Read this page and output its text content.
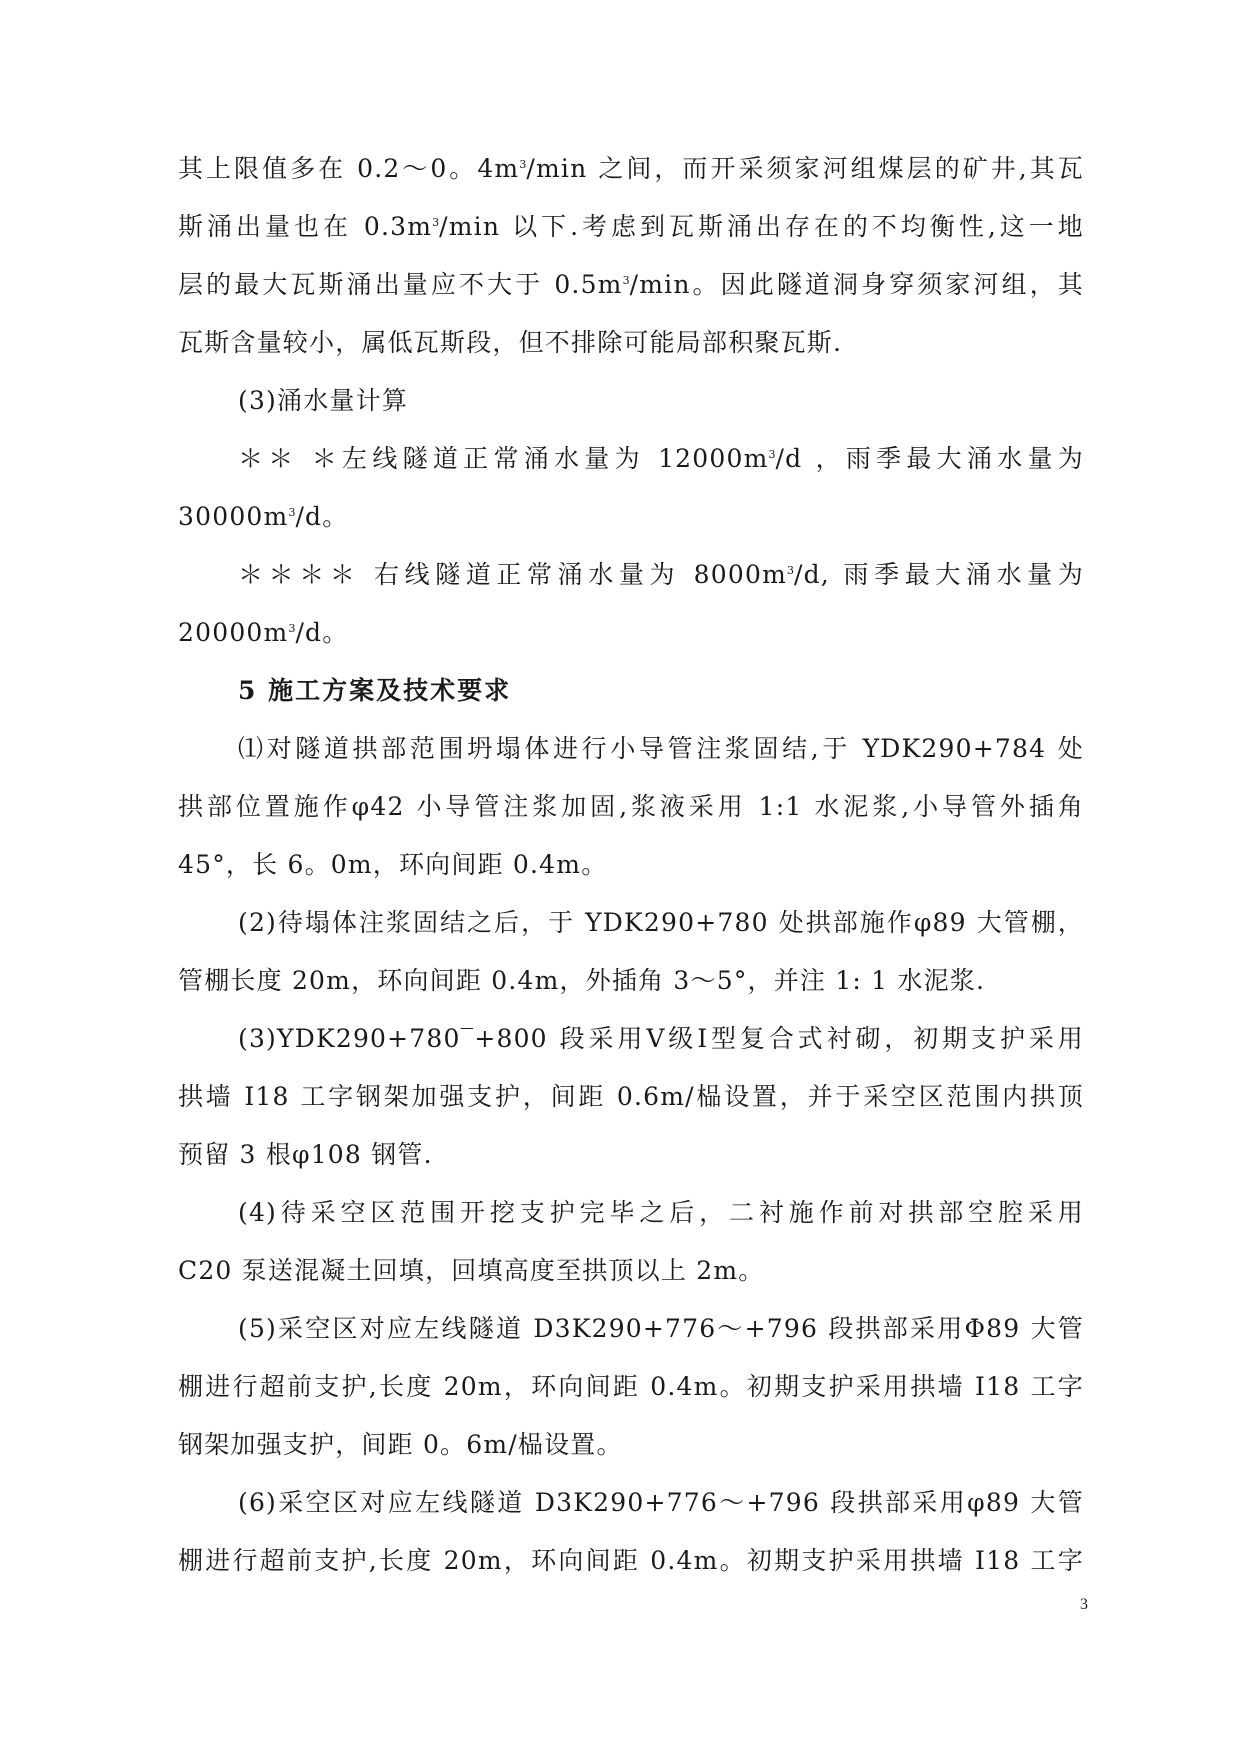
其上限值多在 0.2～0。$4m^3/\min$ 之间，而开采须家河组煤层的矿井,其瓦
斯涌出量也在 $0.3m^3/\min$ 以下.考虑到瓦斯涌出存在的不均衡性,这一地
层的最大瓦斯涌出量应不大于 $0.5m^3/\min$。因此隧道洞身穿须家河组，其
瓦斯含量较小，属低瓦斯段，但不排除可能局部积聚瓦斯.
(3)涌水量计算
＊＊ ＊左线隧道正常涌水量为 $12000m^3/d$ ，雨季最大涌水量为
$30000m^3/d$。
＊＊＊＊ 右线隧道正常涌水量为 $8000m^3/d$, 雨季最大涌水量为
$20000m^3/d$。
5 施工方案及技术要求
⑴对隧道拱部范围坍塌体进行小导管注浆固结,于 YDK290+784 处
拱部位置施作φ42 小导管注浆加固,浆液采用 1:1 水泥浆,小导管外插角
45°，长 6。0m，环向间距 0.4m。
(2)待塌体注浆固结之后，于 YDK290+780 处拱部施作φ89 大管棚，
管棚长度 20m，环向间距 0.4m，外插角 3～5°，并注 1: 1 水泥浆.
(3)YDK290+780‾+800 段采用Ⅴ级Ⅰ型复合式衬砌，初期支护采用
拱墙 I18 工字钢架加强支护，间距 0.6m/榀设置，并于采空区范围内拱顶
预留 3 根φ108 钢管.
(4)待采空区范围开挖支护完毕之后，二衬施作前对拱部空腔采用
C20 泵送混凝土回填，回填高度至拱顶以上 2m。
(5)采空区对应左线隧道 D3K290+776～+796 段拱部采用Φ89 大管
棚进行超前支护,长度 20m，环向间距 0.4m。初期支护采用拱墙 I18 工字
钢架加强支护，间距 0。6m/榀设置。
(6)采空区对应左线隧道 D3K290+776～+796 段拱部采用φ89 大管
棚进行超前支护,长度 20m，环向间距 0.4m。初期支护采用拱墙 I18 工字
3
